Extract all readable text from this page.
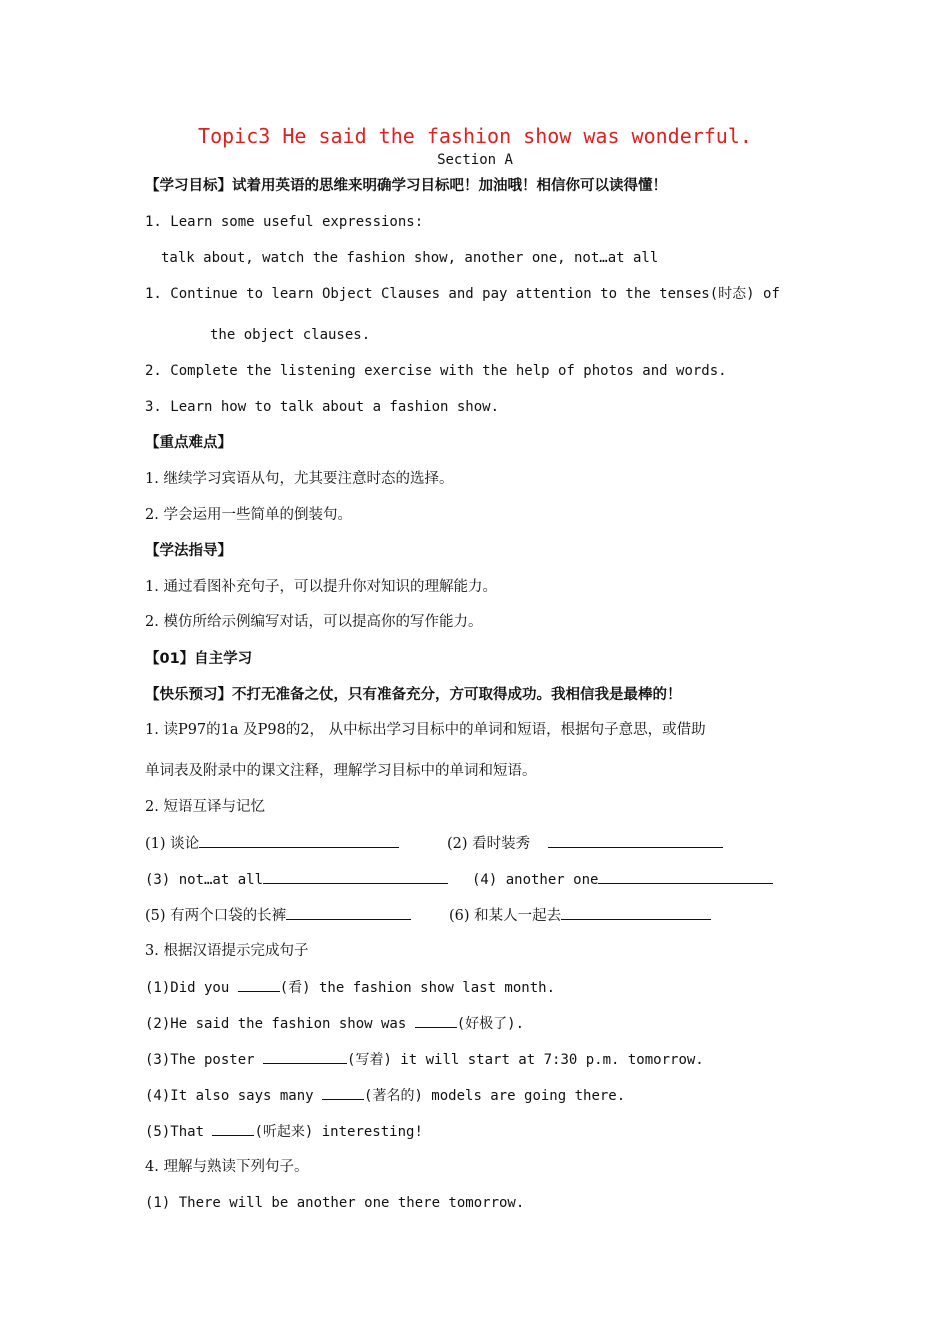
Topic3 He said the fashion show was wonderful.
Section A
【学习目标】试着用英语的思维来明确学习目标吧！加油哦！相信你可以读得懂！
1. Learn some useful expressions:
talk about, watch the fashion show, another one, not…at all
1. Continue to learn Object Clauses and pay attention to the tenses(时态) of
the object clauses.
2. Complete the listening exercise with the help of photos and words.
3. Learn how to talk about a fashion show.
【重点难点】
1. 继续学习宾语从句，尤其要注意时态的选择。
2. 学会运用一些简单的倒装句。
【学法指导】
1. 通过看图补充句子，可以提升你对知识的理解能力。
2. 模仿所给示例编写对话，可以提高你的写作能力。
【01】自主学习
【快乐预习】不打无准备之仗，只有准备充分，方可取得成功。我相信我是最棒的！
1. 读P97的1a 及P98的2， 从中标出学习目标中的单词和短语，根据句子意思，或借助
单词表及附录中的课文注释，理解学习目标中的单词和短语。
2. 短语互译与记忆
(1) 谈论	(2) 看时装秀
(3) not…at all	(4) another one
(5) 有两个口袋的长裤	(6) 和某人一起去
3. 根据汉语提示完成句子
(1)Did you	(看) the fashion show last month.
(2)He said the fashion show was	(好极了).
(3)The poster	(写着) it will start at 7:30 p.m. tomorrow.
(4)It also says many	(著名的) models are going there.
(5)That	(听起来) interesting!
4. 理解与熟读下列句子。
(1) There will be another one there tomorrow.
